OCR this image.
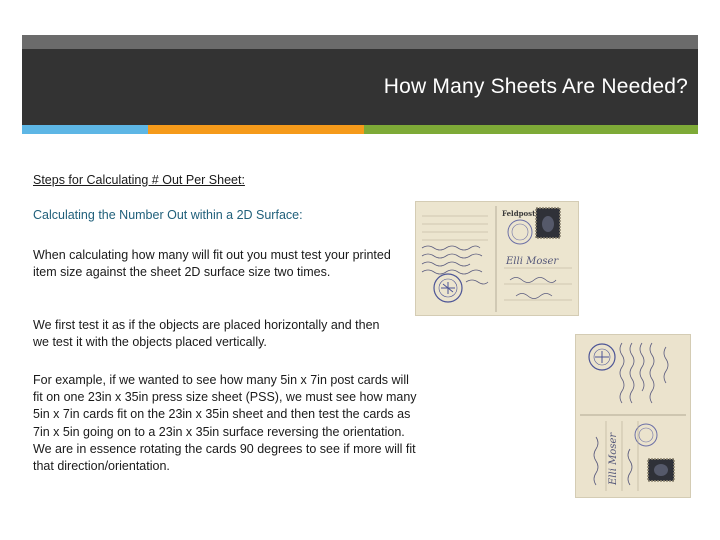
How Many Sheets Are Needed?
Steps for Calculating # Out Per Sheet:
Calculating the Number Out within a 2D Surface:
When calculating how many will fit out you must test your printed item size against the sheet 2D surface size two times.
We first test it as if the objects are placed horizontally and then we test it with the objects placed vertically.
For example, if we wanted to see how many 5in x 7in post cards will fit on one 23in x 35in press size sheet (PSS), we must see how many 5in x 7in cards fit on the 23in x 35in sheet and then test the cards as 7in x 5in going on to a 23in x 35in surface reversing the orientation. We are in essence rotating the cards 90 degrees to see if more will fit that direction/orientation.
Feldpost
Elli Moser
Elli Moser
